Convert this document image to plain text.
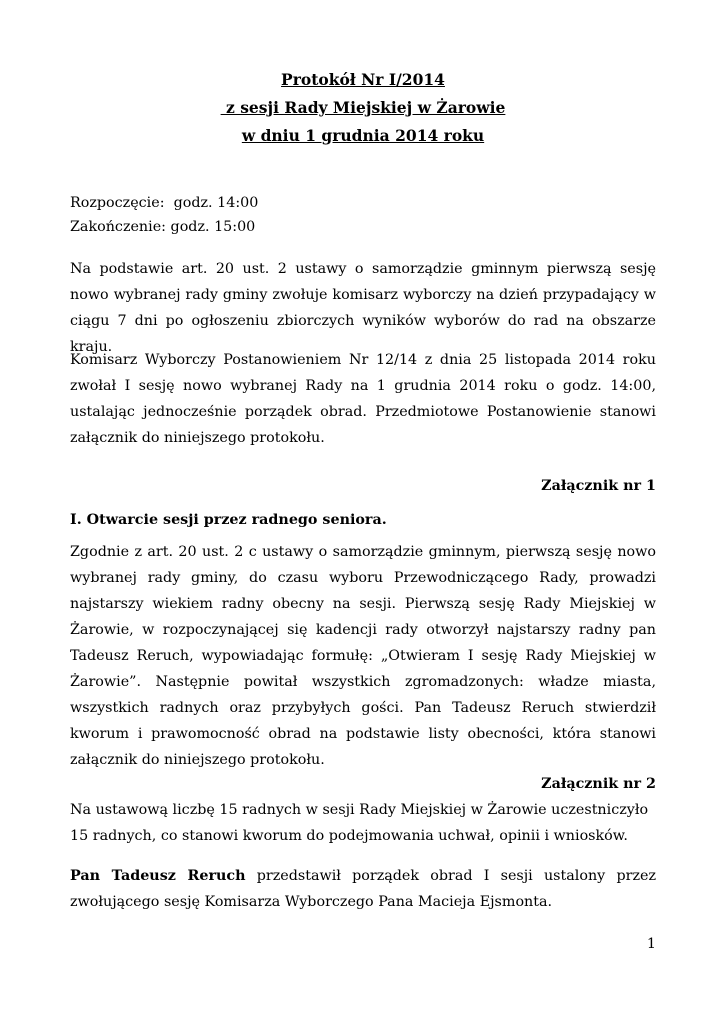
Protokół Nr I/2014
z sesji Rady Miejskiej w Żarowie
w dniu 1 grudnia 2014 roku
Rozpoczęcie:  godz. 14:00
Zakończenie: godz. 15:00
Na podstawie art. 20 ust. 2 ustawy o samorządzie gminnym pierwszą sesję nowo wybranej rady gminy zwołuje komisarz wyborczy na dzień przypadający w ciągu 7 dni po ogłoszeniu zbiorczych wyników wyborów do rad na obszarze kraju.
Komisarz Wyborczy Postanowieniem Nr 12/14 z dnia 25 listopada 2014 roku zwołał I sesję nowo wybranej Rady na 1 grudnia 2014 roku o godz. 14:00, ustalając jednocześnie porządek obrad. Przedmiotowe Postanowienie stanowi załącznik do niniejszego protokołu.
Załącznik nr 1
I. Otwarcie sesji przez radnego seniora.
Zgodnie z art. 20 ust. 2 c ustawy o samorządzie gminnym, pierwszą sesję nowo wybranej rady gminy, do czasu wyboru Przewodniczącego Rady, prowadzi najstarszy wiekiem radny obecny na sesji. Pierwszą sesję Rady Miejskiej w Żarowie, w rozpoczynającej się kadencji rady otworzył najstarszy radny pan Tadeusz Reruch, wypowiadając formułę: „Otwieram I sesję Rady Miejskiej w Żarowie”. Następnie powitał wszystkich zgromadzonych: władze miasta, wszystkich radnych oraz przybyłych gości. Pan Tadeusz Reruch stwierdził kworum i prawomocność obrad na podstawie listy obecności, która stanowi załącznik do niniejszego protokołu.
Załącznik nr 2
Na ustawową liczbę 15 radnych w sesji Rady Miejskiej w Żarowie uczestniczyło 15 radnych, co stanowi kworum do podejmowania uchwał, opinii i wniosków.
Pan Tadeusz Reruch przedstawił porządek obrad I sesji ustalony przez zwołującego sesję Komisarza Wyborczego Pana Macieja Ejsmonta.
1
